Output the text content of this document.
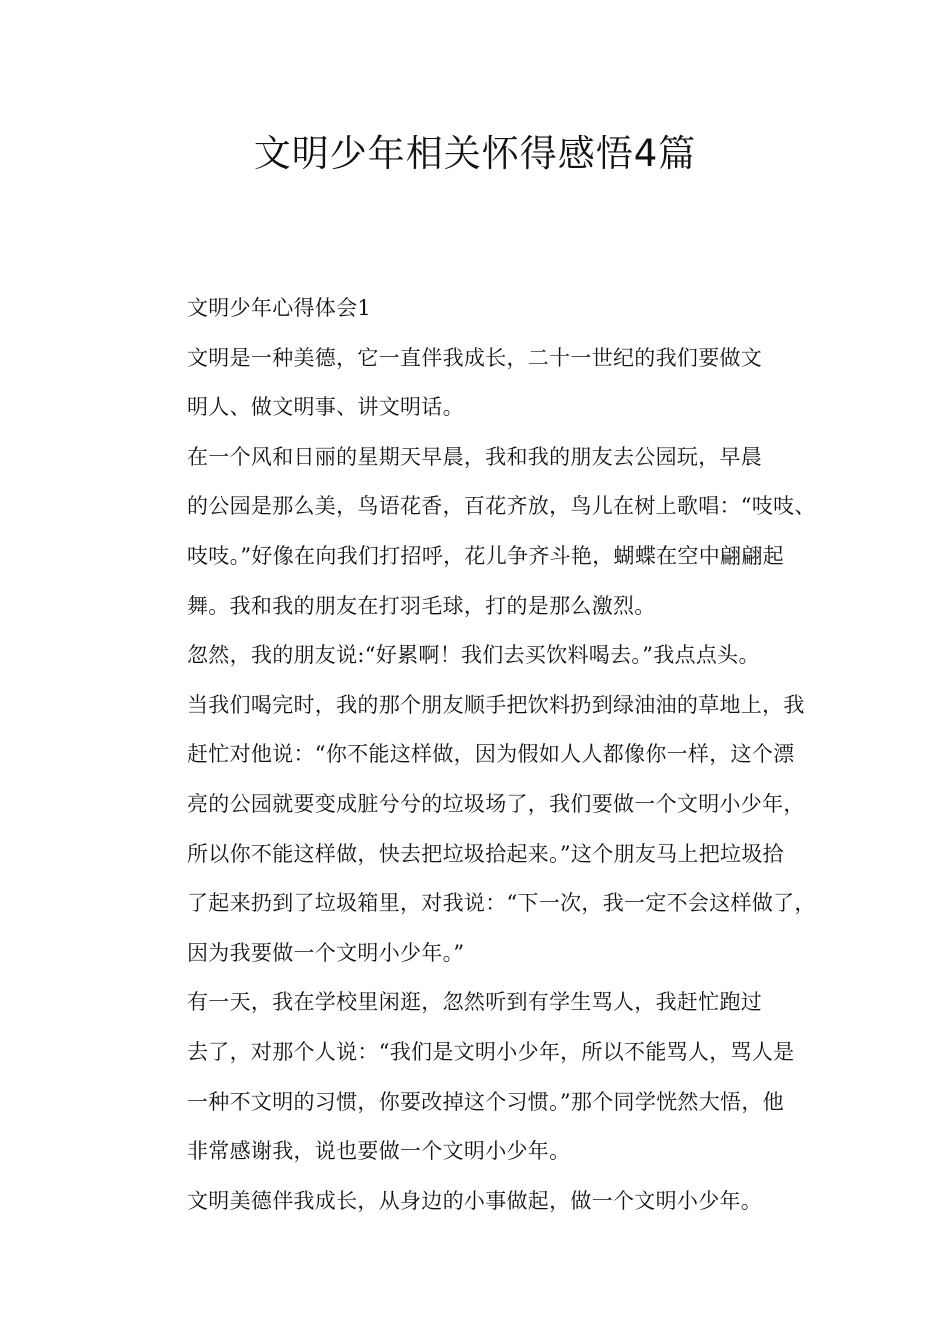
文明少年相关怀得感悟4篇

文明少年心得体会1

文明是一种美德，它一直伴我成长，二十一世纪的我们要做文
明人、做文明事、讲文明话。

在一个风和日丽的星期天早晨，我和我的朋友去公园玩，早晨
的公园是那么美，鸟语花香，百花齐放，鸟儿在树上歌唱：“吱吱、
吱吱。”好像在向我们打招呼，花儿争齐斗艳，蝴蝶在空中翩翩起
舞。我和我的朋友在打羽毛球，打的是那么激烈。

忽然，我的朋友说:“好累啊！我们去买饮料喝去。”我点点头。
当我们喝完时，我的那个朋友顺手把饮料扔到绿油油的草地上，我
赶忙对他说：“你不能这样做，因为假如人人都像你一样，这个漂
亮的公园就要变成脏兮兮的垃圾场了，我们要做一个文明小少年，
所以你不能这样做，快去把垃圾拾起来。”这个朋友马上把垃圾拾
了起来扔到了垃圾箱里，对我说：“下一次，我一定不会这样做了，
因为我要做一个文明小少年。”

有一天，我在学校里闲逛，忽然听到有学生骂人，我赶忙跑过
去了，对那个人说：“我们是文明小少年，所以不能骂人，骂人是
一种不文明的习惯，你要改掉这个习惯。”那个同学恍然大悟，他
非常感谢我，说也要做一个文明小少年。

文明美德伴我成长，从身边的小事做起，做一个文明小少年。
